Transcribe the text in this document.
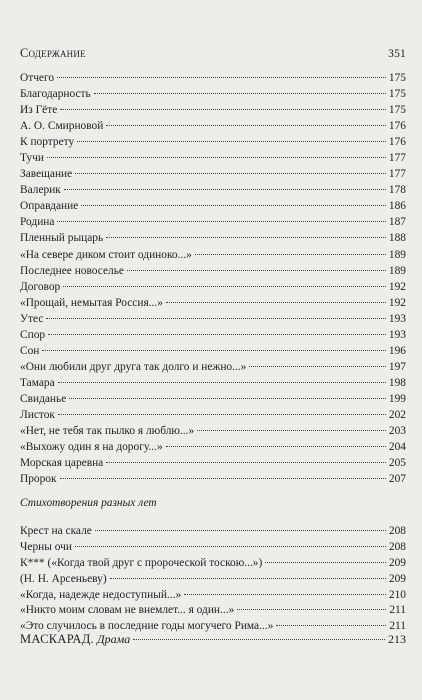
Содержание	351
Отчего	175
Благодарность	175
Из Гёте	175
А. О. Смирновой	176
К портрету	176
Тучи	177
Завещание	177
Валерик	178
Оправдание	186
Родина	187
Пленный рыцарь	188
«На севере диком стоит одиноко...»	189
Последнее новоселье	189
Договор	192
«Прощай, немытая Россия...»	192
Утес	193
Спор	193
Сон	196
«Они любили друг друга так долго и нежно...»	197
Тамара	198
Свиданье	199
Листок	202
«Нет, не тебя так пылко я люблю...»	203
«Выхожу один я на дорогу...»	204
Морская царевна	205
Пророк	207
Стихотворения разных лет
Крест на скале	208
Черны очи	208
К*** («Когда твой друг с пророческой тоскою...»)	209
(Н. Н. Арсеньеву)	209
«Когда, надежде недоступный...»	210
«Никто моим словам не внемлет... я один...»	211
«Это случилось в последние годы могучего Рима...»	211
МАСКАРАД. Драма	213
